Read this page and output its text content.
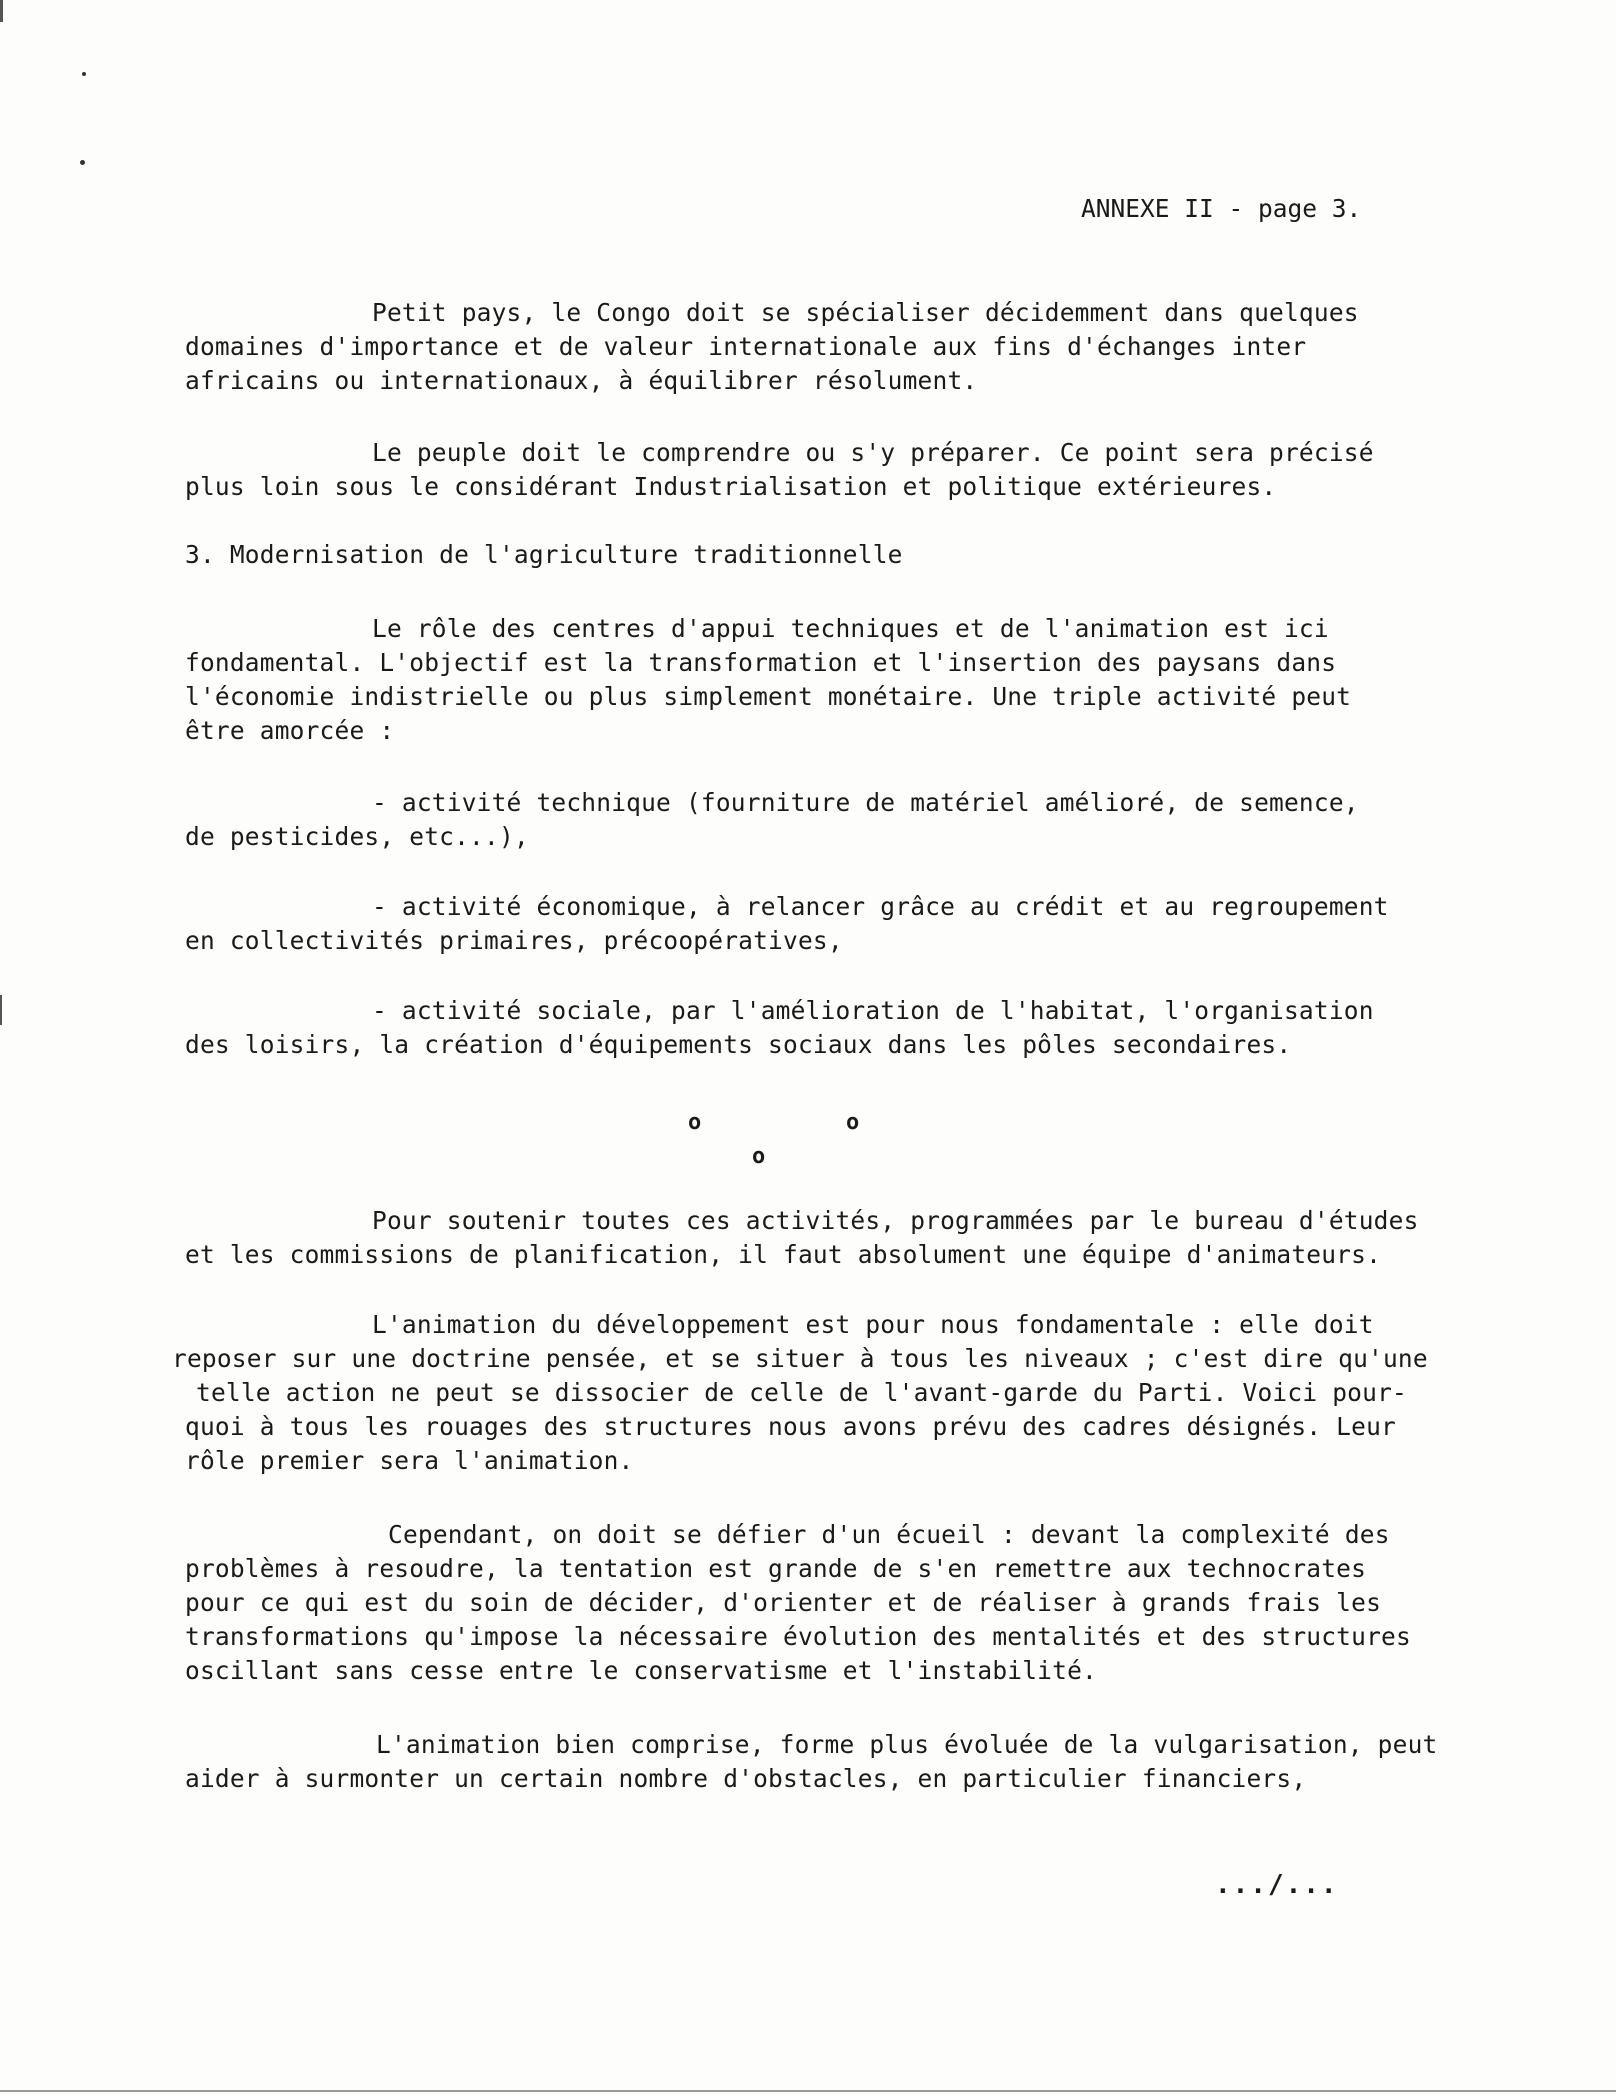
ANNEXE II - page 3.
Petit pays, le Congo doit se spécialiser décidemment dans quelques
domaines d'importance et de valeur internationale aux fins d'échanges inter
africains ou internationaux, à équilibrer résolument.
Le peuple doit le comprendre ou s'y préparer. Ce point sera précisé
plus loin sous le considérant Industrialisation et politique extérieures.
3. Modernisation de l'agriculture traditionnelle
Le rôle des centres d'appui techniques et de l'animation est ici
fondamental. L'objectif est la transformation et l'insertion des paysans dans
l'économie indistrielle ou plus simplement monétaire. Une triple activité peut
être amorcée :
- activité technique (fourniture de matériel amélioré, de semence,
de pesticides, etc...),
- activité économique, à relancer grâce au crédit et au regroupement
en collectivités primaires, précoopératives,
- activité sociale, par l'amélioration de l'habitat, l'organisation
des loisirs, la création d'équipements sociaux dans les pôles secondaires.
o	o
o
Pour soutenir toutes ces activités, programmées par le bureau d'études
et les commissions de planification, il faut absolument une équipe d'animateurs.
L'animation du développement est pour nous fondamentale : elle doit
reposer sur une doctrine pensée, et se situer à tous les niveaux ; c'est dire qu'une
telle action ne peut se dissocier de celle de l'avant-garde du Parti. Voici pour-
quoi à tous les rouages des structures nous avons prévu des cadres désignés. Leur
rôle premier sera l'animation.
Cependant, on doit se défier d'un écueil : devant la complexité des
problèmes à resoudre, la tentation est grande de s'en remettre aux technocrates
pour ce qui est du soin de décider, d'orienter et de réaliser à grands frais les
transformations qu'impose la nécessaire évolution des mentalités et des structures
oscillant sans cesse entre le conservatisme et l'instabilité.
L'animation bien comprise, forme plus évoluée de la vulgarisation, peut
aider à surmonter un certain nombre d'obstacles, en particulier financiers,
.../...
